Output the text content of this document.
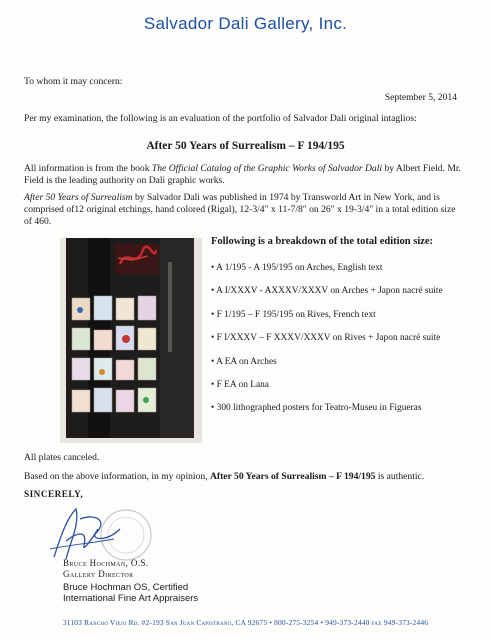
Salvador Dali Gallery, Inc.
To whom it may concern:
September 5, 2014
Per my examination, the following is an evaluation of the portfolio of Salvador Dali original intaglios:
After 50 Years of Surrealism – F 194/195
All information is from the book The Official Catalog of the Graphic Works of Salvador Dali by Albert Field. Mr. Field is the leading authority on Dali graphic works.
After 50 Years of Surrealism by Salvador Dali was published in 1974 by Transworld Art in New York, and is comprised of12 original etchings, hand colored (Rigal), 12-3/4" x 11-7/8" on 26" x 19-3/4" in a total edition size of 460.
Following is a breakdown of the total edition size:
• A 1/195 - A 195/195 on Arches, English text
• A I/XXXV - AXXXV/XXXV on Arches + Japon nacré suite
• F 1/195 – F 195/195 on Rives, French text
• F I/XXXV – F XXXV/XXXV on Rives + Japon nacré suite
• A EA on Arches
• F EA on Lana
• 300 lithographed posters for Teatro-Museu in Figueras
All plates canceled.
Based on the above information, in my opinion, After 50 Years of Surrealism – F 194/195 is authentic.
SINCERELY,
Bruce Hochman, O.S.
Gallery Director
Bruce Hochman OS, Certified
International Fine Art Appraisers
31103 Rancho Viejo Rd. #2-193 San Juan Capistrano, CA 92675 • 800-275-3254 • 949-373-2440 fax 949-373-2446
